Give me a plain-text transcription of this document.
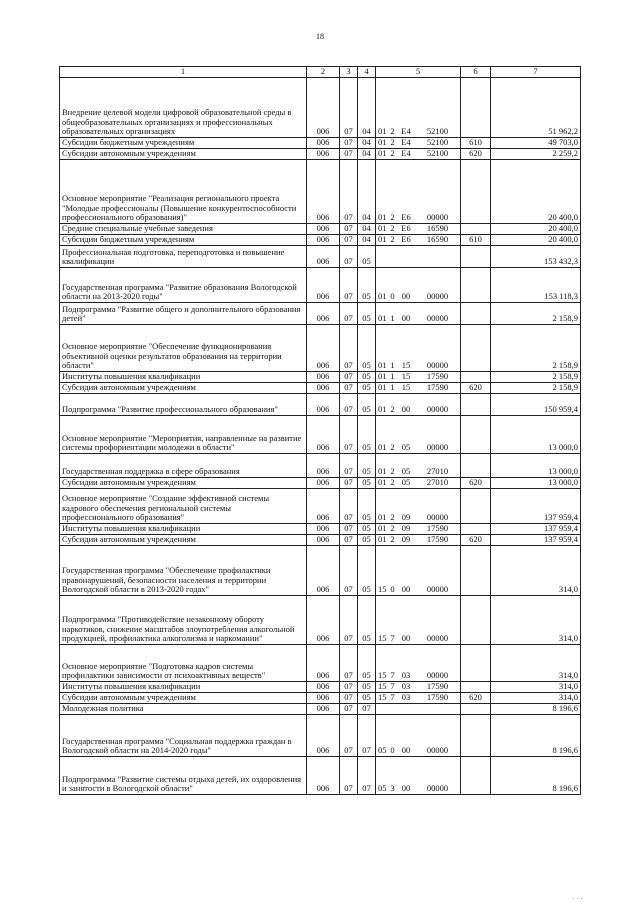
18
1	2	3	4	5				6	7
Внедрение целевой модели цифровой образовательной среды в общеобразовательных организациях и профессиональных образовательных организациях	006	07	04	01	2	E4	52100		51 962,2
Субсидии бюджетным учреждениям	006	07	04	01	2	E4	52100	610	49 703,0
Субсидии автономным учреждениям	006	07	04	01	2	E4	52100	620	2 259,2
Основное мероприятие "Реализация регионального проекта "Молодые профессионалы (Повышение конкурентоспособности профессионального образования)"	006	07	04	01	2	E6	00000		20 400,0
Средние специальные учебные заведения	006	07	04	01	2	E6	16590		20 400,0
Субсидии бюджетным учреждениям	006	07	04	01	2	E6	16590	610	20 400,0
Профессиональная подготовка, переподготовка и повышение квалификации	006	07	05						153 432,3
Государственная программа "Развитие образования Вологодской области на 2013-2020 годы"	006	07	05	01	0	00	00000		153 118,3
Подпрограмма "Развитие общего и дополнительного образования детей"	006	07	05	01	1	00	00000		2 158,9
Основное мероприятие "Обеспечение функционирования объективной оценки результатов образования на территории области"	006	07	05	01	1	15	00000		2 158,9
Институты повышения квалификации	006	07	05	01	1	15	17590		2 158,9
Субсидии автономным учреждениям	006	07	05	01	1	15	17590	620	2 158,9
Подпрограмма "Развитие профессионального образования"	006	07	05	01	2	00	00000		150 959,4
Основное мероприятие "Мероприятия, направленные на развитие системы профориентации молодежи в области"	006	07	05	01	2	05	00000		13 000,0
Государственная поддержка в сфере образования	006	07	05	01	2	05	27010		13 000,0
Субсидии автономным учреждениям	006	07	05	01	2	05	27010	620	13 000,0
Основное мероприятие "Создание эффективной системы кадрового обеспечения региональной системы профессионального образования"	006	07	05	01	2	09	00000		137 959,4
Институты повышения квалификации	006	07	05	01	2	09	17590		137 959,4
Субсидии автономным учреждениям	006	07	05	01	2	09	17590	620	137 959,4
Государственная программа "Обеспечение профилактики правонарушений, безопасности населения и территории Вологодской области в 2013-2020 годах"	006	07	05	15	0	00	00000		314,0
Подпрограмма "Противодействие незаконному обороту наркотиков, снижение масштабов злоупотребления алкогольной продукцией, профилактика алкоголизма и наркомании"	006	07	05	15	7	00	00000		314,0
Основное мероприятие "Подготовка кадров системы профилактики зависимости от психоактивных веществ"	006	07	05	15	7	03	00000		314,0
Институты повышения квалификации	006	07	05	15	7	03	17590		314,0
Субсидии автономным учреждениям	006	07	05	15	7	03	17590	620	314,0
Молодежная политика	006	07	07						8 196,6
Государственная программа "Социальная поддержка граждан в Вологодской области на 2014-2020 годы"	006	07	07	05	0	00	00000		8 196,6
Подпрограмма "Развитие системы отдыха детей, их оздоровления и занятости в Вологодской области"	006	07	07	05	3	00	00000		8 196,6
· · ·
